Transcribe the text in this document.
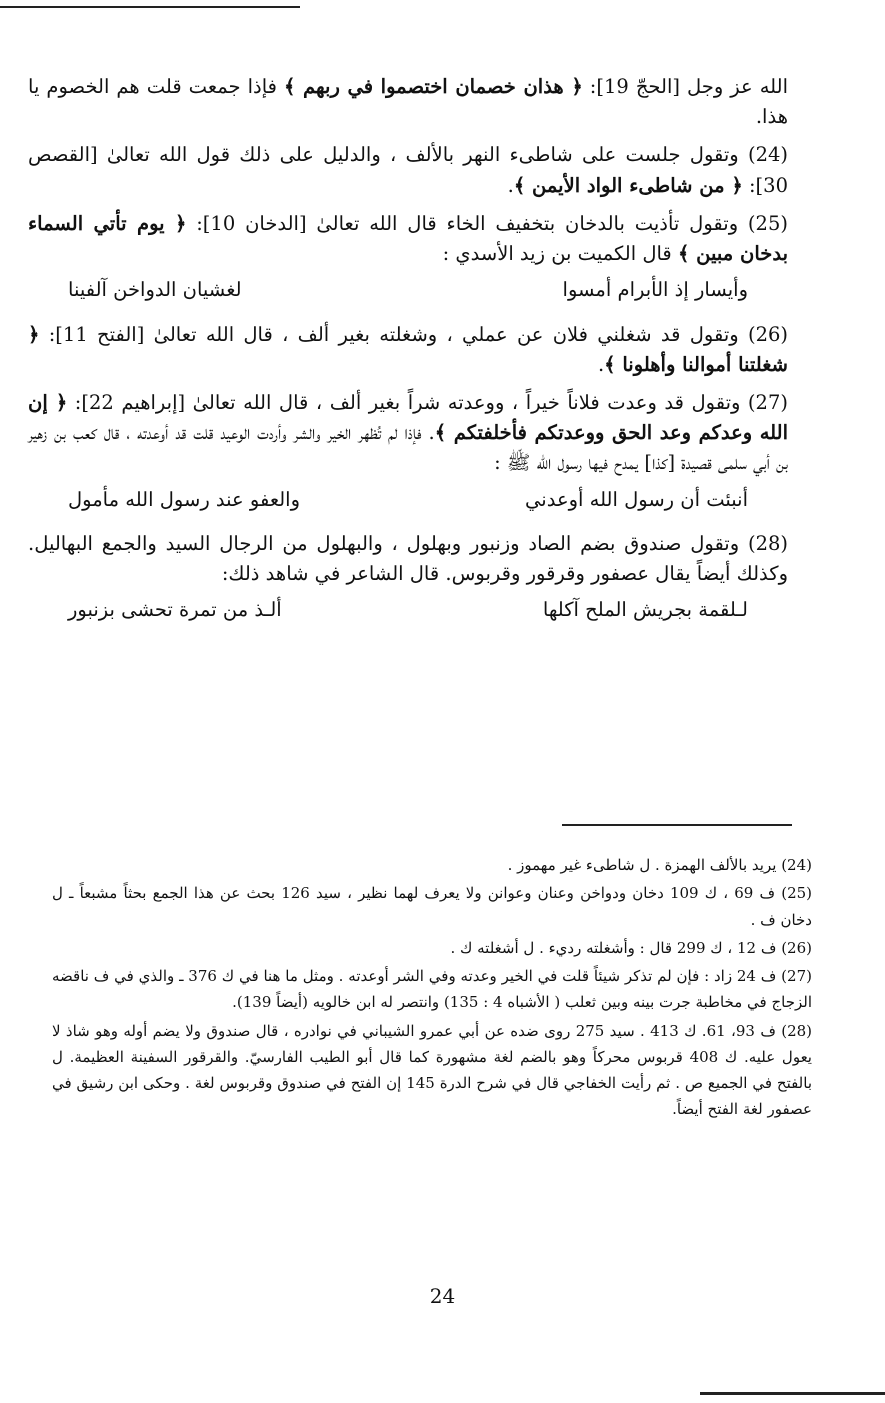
الله عز وجل [الحجّ 19]: ﴿ هذان خصمان اختصموا في ربهم ﴾ فإذا جمعت قلت هم الخصوم يا هذا.

(24) وتقول جلست على شاطىء النهر بالألف ، والدليل على ذلك قول الله تعالىٰ [القصص 30]: ﴿ من شاطىء الواد الأيمن ﴾.

(25) وتقول تأذيت بالدخان بتخفيف الخاء قال الله تعالىٰ [الدخان 10]: ﴿ يوم تأتي السماء بدخان مبين ﴾ قال الكميت بن زيد الأسدي :

وأيسار إذ الأبرام أمسوا
لغشيان الدواخن آلفينا

(26) وتقول قد شغلني فلان عن عملي ، وشغلته بغير ألف ، قال الله تعالىٰ [الفتح 11]: ﴿ شغلتنا أموالنا وأهلونا ﴾.

(27) وتقول قد وعدت فلاناً خيراً ، ووعدته شراً بغير ألف ، قال الله تعالىٰ [إبراهيم 22]: ﴿ إن الله وعدكم وعد الحق ووعدتكم فأخلفتكم ﴾. فإذا لم تُظهر الخير والشر وأردت الوعيد قلت قد أوعدته ، قال كعب بن زهير بن أبي سلمى قصيدة [كذا] يمدح فيها رسول الله ﷺ :

أنبئت أن رسول الله أوعدني
والعفو عند رسول الله مأمول

(28) وتقول صندوق بضم الصاد وزنبور وبهلول ، والبهلول من الرجال السيد والجمع البهاليل. وكذلك أيضاً يقال عصفور وقرقور وقربوس. قال الشاعر في شاهد ذلك:

لـلقمة بجريش الملح آكلها
ألـذ من تمرة تحشى بزنبور

(24) يريد بالألف الهمزة . ل شاطىء غير مهموز .

(25) ف 69 ، ك 109 دخان ودواخن وعنان وعوانن ولا يعرف لهما نظير ، سيد 126 بحث عن هذا الجمع بحثاً مشبعاً ـ ل دخان ف .

(26) ف 12 ، ك 299 قال : وأشغلته رديء . ل أشغلته ك .

(27) ف 24 زاد : فإن لم تذكر شيئاً قلت في الخير وعدته وفي الشر أوعدته . ومثل ما هنا في ك 376 ـ والذي في ف ناقضه الزجاج في مخاطبة جرت بينه وبين ثعلب ( الأشباه 4 : 135) وانتصر له ابن خالويه (أيضاً 139).

(28) ف 93، 61. ك 413 . سيد 275 روى ضده عن أبي عمرو الشيباني في نوادره ، قال صندوق ولا يضم أوله وهو شاذ لا يعول عليه. ك 408 قربوس محركاً وهو بالضم لغة مشهورة كما قال أبو الطيب الفارسيّ. والقرقور السفينة العظيمة. ل بالفتح في الجميع ص . ثم رأيت الخفاجي قال في شرح الدرة 145 إن الفتح في صندوق وقربوس لغة . وحكى ابن رشيق في عصفور لغة الفتح أيضاً.

24
